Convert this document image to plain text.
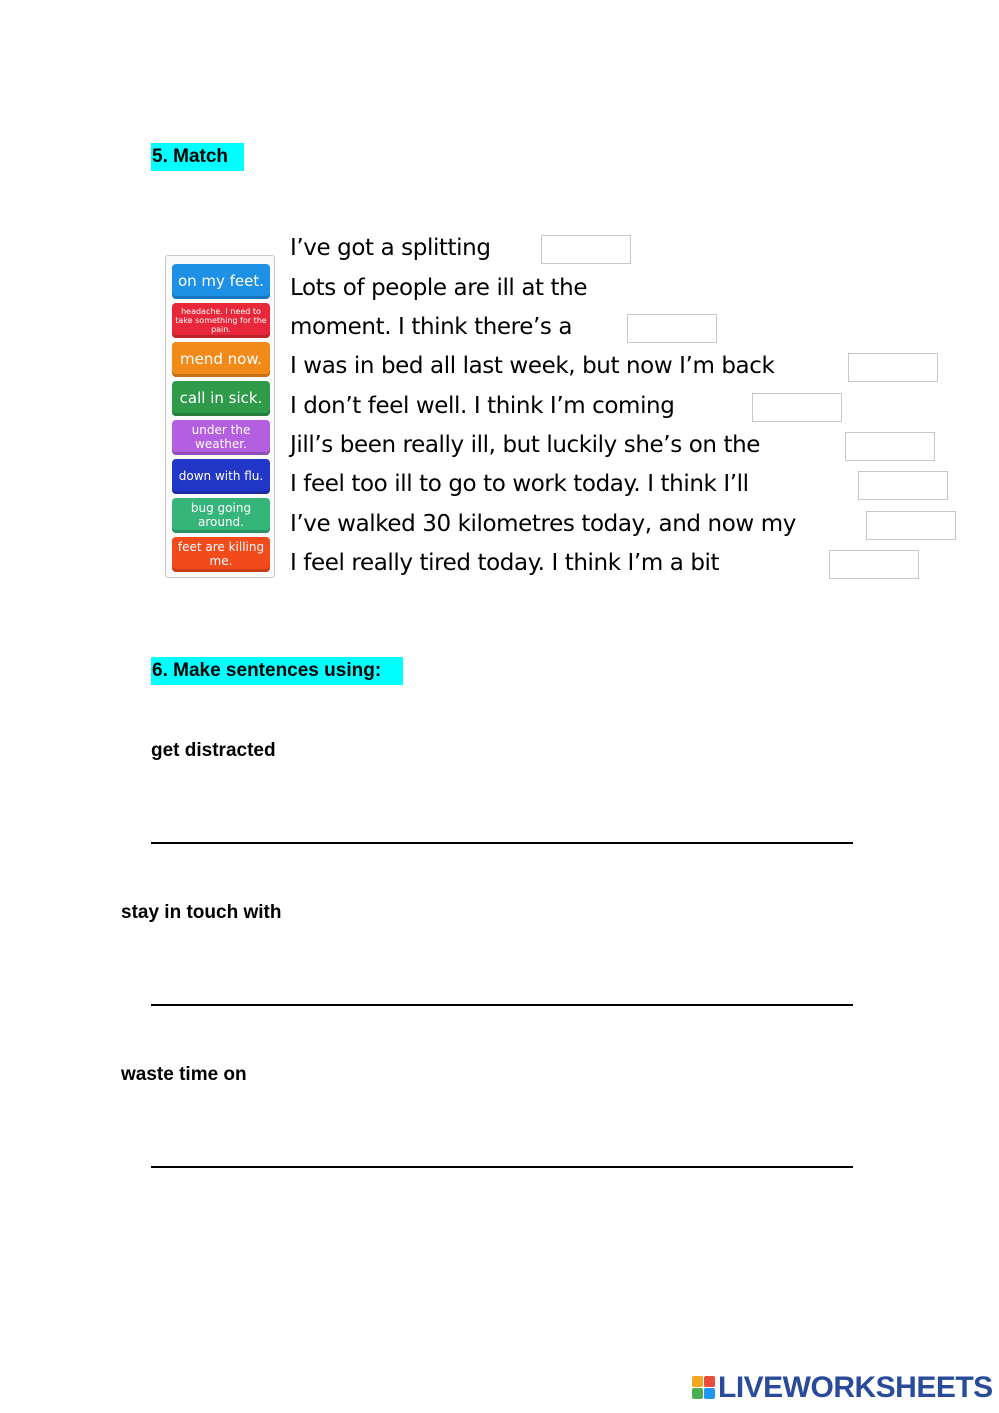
5. Match
on my feet.
headache. I need to take something for the pain.
mend now.
call in sick.
under the weather.
down with flu.
bug going around.
feet are killing me.
I’ve got a splitting
Lots of people are ill at the
moment. I think there’s a
I was in bed all last week, but now I’m back
I don’t feel well. I think I’m coming
Jill’s been really ill, but luckily she’s on the
I feel too ill to go to work today. I think I’ll
I’ve walked 30 kilometres today, and now my
I feel really tired today. I think I’m a bit
6. Make sentences using:
get distracted
stay in touch with
waste time on
LIVEWORKSHEETS
